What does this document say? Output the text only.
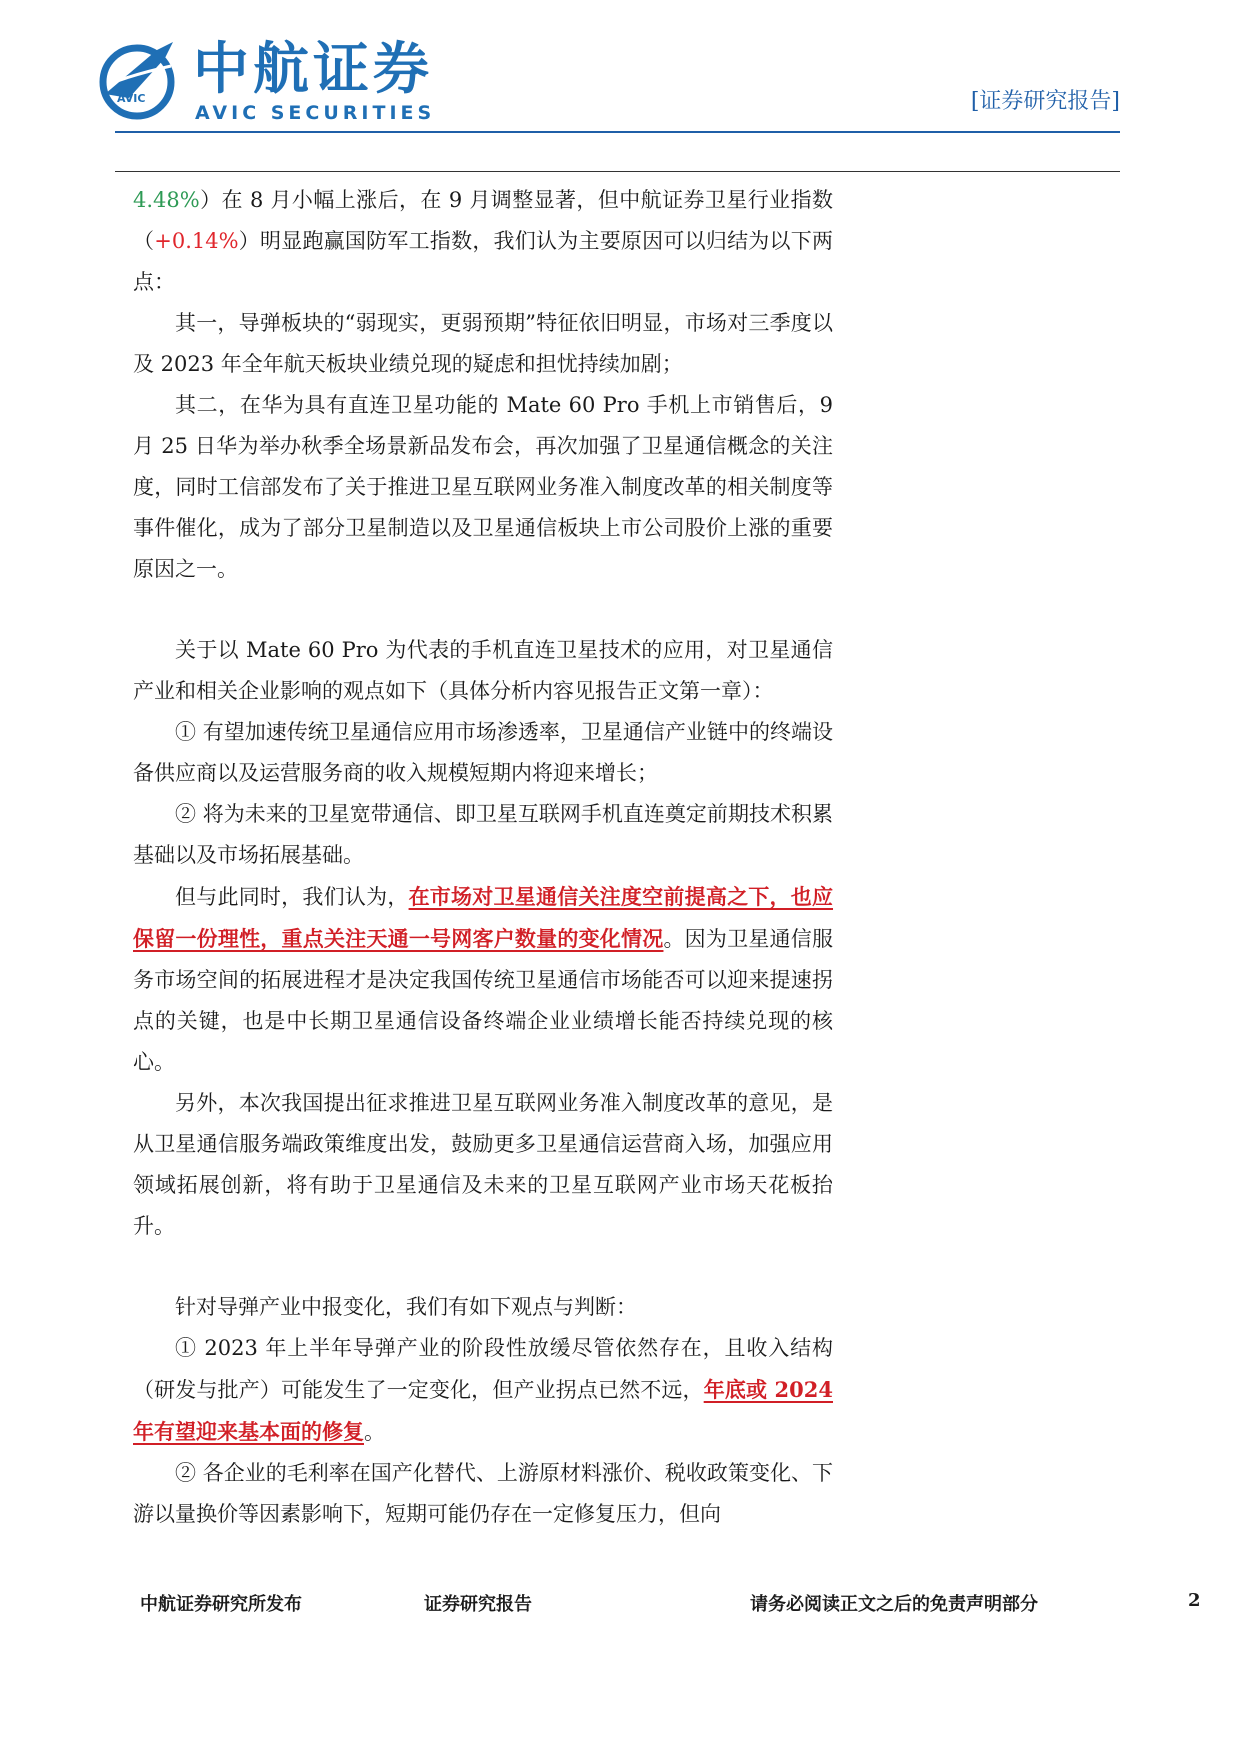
AVIC 中航证券
AVIC SECURITIES	[证券研究报告]

4.48%）在 8 月小幅上涨后，在 9 月调整显著，但中航证券卫星行业指数（+0.14%）明显跑赢国防军工指数，我们认为主要原因可以归结为以下两点：

其一，导弹板块的“弱现实，更弱预期”特征依旧明显，市场对三季度以及 2023 年全年航天板块业绩兑现的疑虑和担忧持续加剧；

其二，在华为具有直连卫星功能的 Mate 60 Pro 手机上市销售后，9 月 25 日华为举办秋季全场景新品发布会，再次加强了卫星通信概念的关注度，同时工信部发布了关于推进卫星互联网业务准入制度改革的相关制度等事件催化，成为了部分卫星制造以及卫星通信板块上市公司股价上涨的重要原因之一。

关于以 Mate 60 Pro 为代表的手机直连卫星技术的应用，对卫星通信产业和相关企业影响的观点如下（具体分析内容见报告正文第一章）：

① 有望加速传统卫星通信应用市场渗透率，卫星通信产业链中的终端设备供应商以及运营服务商的收入规模短期内将迎来增长；

② 将为未来的卫星宽带通信、即卫星互联网手机直连奠定前期技术积累基础以及市场拓展基础。

但与此同时，我们认为，在市场对卫星通信关注度空前提高之下，也应保留一份理性，重点关注天通一号网客户数量的变化情况。因为卫星通信服务市场空间的拓展进程才是决定我国传统卫星通信市场能否可以迎来提速拐点的关键，也是中长期卫星通信设备终端企业业绩增长能否持续兑现的核心。

另外，本次我国提出征求推进卫星互联网业务准入制度改革的意见，是从卫星通信服务端政策维度出发，鼓励更多卫星通信运营商入场，加强应用领域拓展创新，将有助于卫星通信及未来的卫星互联网产业市场天花板抬升。

针对导弹产业中报变化，我们有如下观点与判断：

① 2023 年上半年导弹产业的阶段性放缓尽管依然存在，且收入结构（研发与批产）可能发生了一定变化，但产业拐点已然不远，年底或 2024 年有望迎来基本面的修复。

② 各企业的毛利率在国产化替代、上游原材料涨价、税收政策变化、下游以量换价等因素影响下，短期可能仍存在一定修复压力，但向

中航证券研究所发布	证券研究报告	请务必阅读正文之后的免责声明部分	2
